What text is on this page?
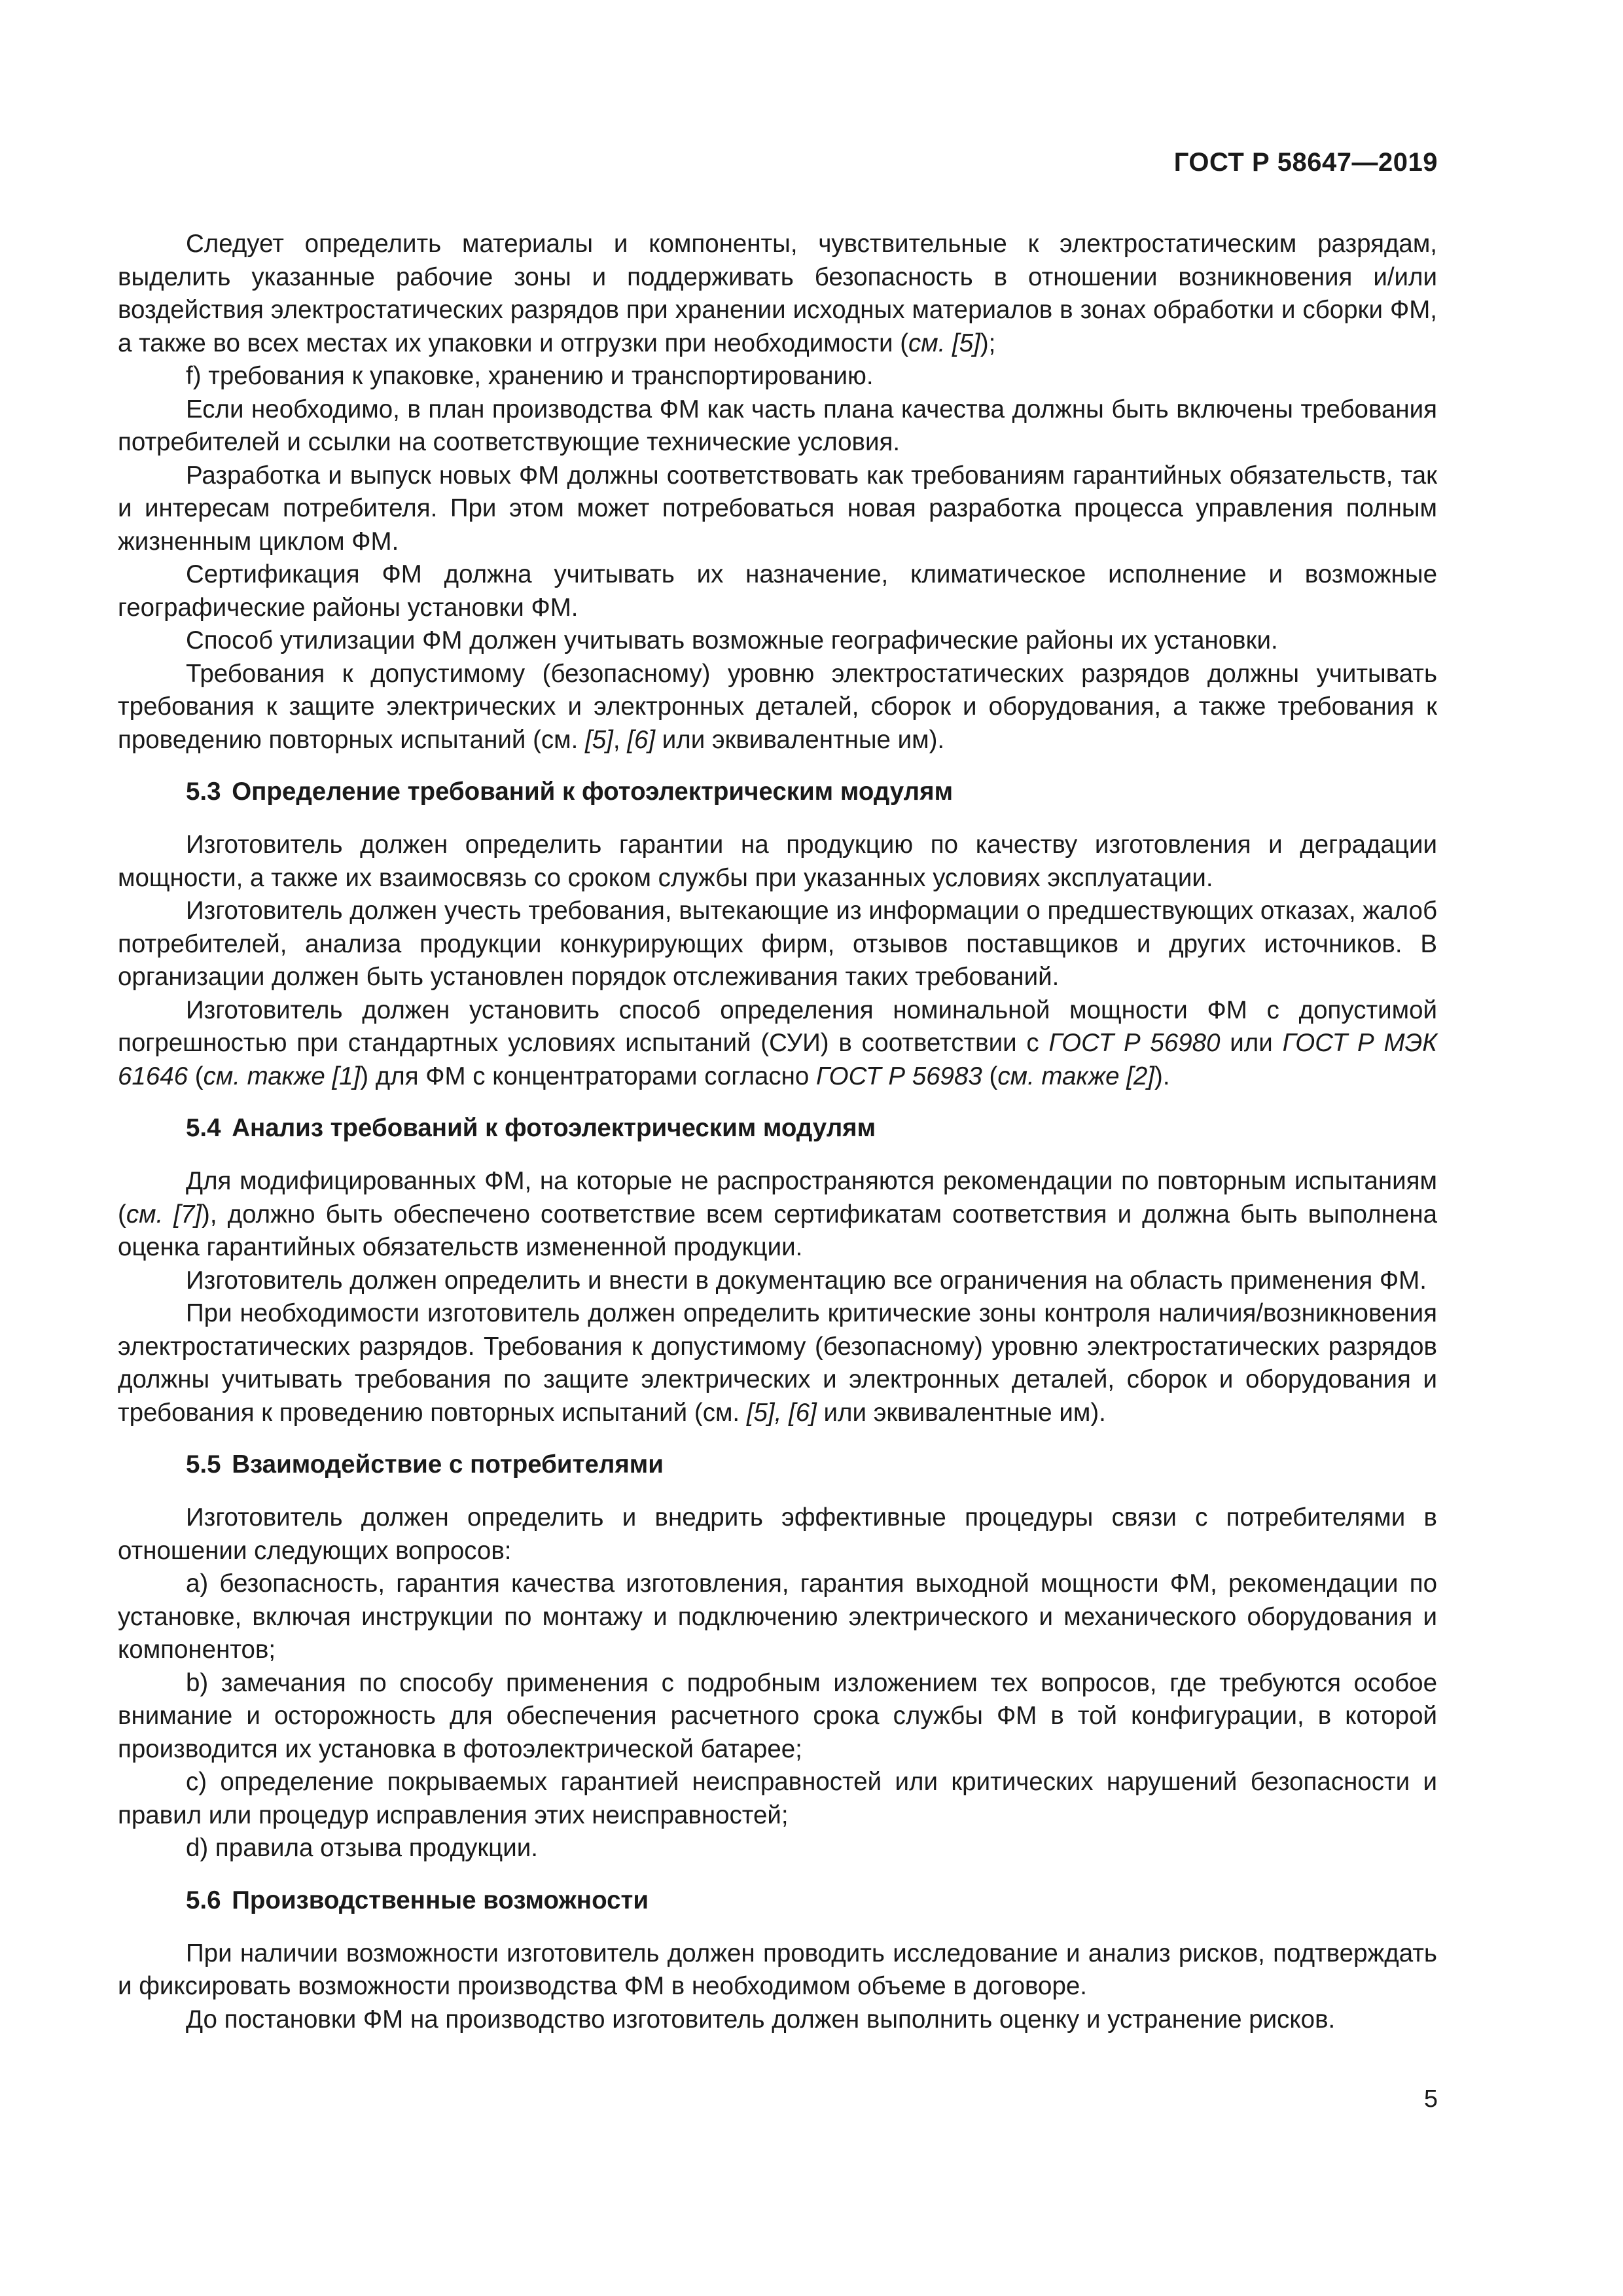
ГОСТ Р 58647—2019

Следует определить материалы и компоненты, чувствительные к электростатическим разрядам, выделить указанные рабочие зоны и поддерживать безопасность в отношении возникновения и/или воздействия электростатических разрядов при хранении исходных материалов в зонах обработки и сборки ФМ, а также во всех местах их упаковки и отгрузки при необходимости (см. [5]);

f) требования к упаковке, хранению и транспортированию.

Если необходимо, в план производства ФМ как часть плана качества должны быть включены требования потребителей и ссылки на соответствующие технические условия.

Разработка и выпуск новых ФМ должны соответствовать как требованиям гарантийных обязательств, так и интересам потребителя. При этом может потребоваться новая разработка процесса управления полным жизненным циклом ФМ.

Сертификация ФМ должна учитывать их назначение, климатическое исполнение и возможные географические районы установки ФМ.

Способ утилизации ФМ должен учитывать возможные географические районы их установки.

Требования к допустимому (безопасному) уровню электростатических разрядов должны учитывать требования к защите электрических и электронных деталей, сборок и оборудования, а также требования к проведению повторных испытаний (см. [5], [6] или эквивалентные им).

5.3 Определение требований к фотоэлектрическим модулям

Изготовитель должен определить гарантии на продукцию по качеству изготовления и деградации мощности, а также их взаимосвязь со сроком службы при указанных условиях эксплуатации.

Изготовитель должен учесть требования, вытекающие из информации о предшествующих отказах, жалоб потребителей, анализа продукции конкурирующих фирм, отзывов поставщиков и других источников. В организации должен быть установлен порядок отслеживания таких требований.

Изготовитель должен установить способ определения номинальной мощности ФМ с допустимой погрешностью при стандартных условиях испытаний (СУИ) в соответствии с ГОСТ Р 56980 или ГОСТ Р МЭК 61646 (см. также [1]) для ФМ с концентраторами согласно ГОСТ Р 56983 (см. также [2]).

5.4 Анализ требований к фотоэлектрическим модулям

Для модифицированных ФМ, на которые не распространяются рекомендации по повторным испытаниям (см. [7]), должно быть обеспечено соответствие всем сертификатам соответствия и должна быть выполнена оценка гарантийных обязательств измененной продукции.

Изготовитель должен определить и внести в документацию все ограничения на область применения ФМ.

При необходимости изготовитель должен определить критические зоны контроля наличия/возникновения электростатических разрядов. Требования к допустимому (безопасному) уровню электростатических разрядов должны учитывать требования по защите электрических и электронных деталей, сборок и оборудования и требования к проведению повторных испытаний (см. [5], [6] или эквивалентные им).

5.5 Взаимодействие с потребителями

Изготовитель должен определить и внедрить эффективные процедуры связи с потребителями в отношении следующих вопросов:

а) безопасность, гарантия качества изготовления, гарантия выходной мощности ФМ, рекомендации по установке, включая инструкции по монтажу и подключению электрического и механического оборудования и компонентов;

b) замечания по способу применения с подробным изложением тех вопросов, где требуются особое внимание и осторожность для обеспечения расчетного срока службы ФМ в той конфигурации, в которой производится их установка в фотоэлектрической батарее;

c) определение покрываемых гарантией неисправностей или критических нарушений безопасности и правил или процедур исправления этих неисправностей;

d) правила отзыва продукции.

5.6 Производственные возможности

При наличии возможности изготовитель должен проводить исследование и анализ рисков, подтверждать и фиксировать возможности производства ФМ в необходимом объеме в договоре.

До постановки ФМ на производство изготовитель должен выполнить оценку и устранение рисков.

5
